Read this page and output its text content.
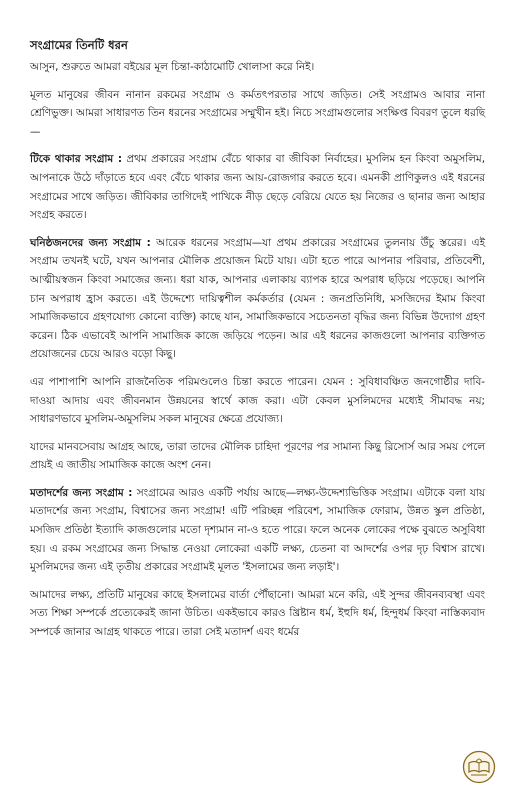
সংগ্রামের তিনটি ধরন

আসুন, শুরুতে আমরা বইয়ের মূল চিন্তা-কাঠামোটি খোলাসা করে নিই।

মূলত মানুষের জীবন নানান রকমের সংগ্রাম ও কর্মতৎপরতার সাথে জড়িত। সেই সংগ্রামও আবার নানা শ্রেণিভুক্ত। আমরা সাধারণত তিন ধরনের সংগ্রামের সম্মুখীন হই। নিচে সংগ্রামগুলোর সংক্ষিপ্ত বিবরণ তুলে ধরছি—

টিকে থাকার সংগ্রাম : প্রথম প্রকারের সংগ্রাম বেঁচে থাকার বা জীবিকা নির্বাহের। মুসলিম হন কিংবা অমুসলিম, আপনাকে উঠে দাঁড়াতে হবে এবং বেঁচে থাকার জন্য আয়-রোজগার করতে হবে। এমনকী প্রাণিকুলও এই ধরনের সংগ্রামের সাথে জড়িত। জীবিকার তাগিদেই পাখিকে নীড় ছেড়ে বেরিয়ে যেতে হয় নিজের ও ছানার জন্য আহার সংগ্রহ করতে।

ঘনিষ্ঠজনদের জন্য সংগ্রাম : আরেক ধরনের সংগ্রাম—যা প্রথম প্রকারের সংগ্রামের তুলনায় উঁচু স্তরের। এই সংগ্রাম তখনই ঘটে, যখন আপনার মৌলিক প্রয়োজন মিটে যায়। এটা হতে পারে আপনার পরিবার, প্রতিবেশী, আত্মীয়স্বজন কিংবা সমাজের জন্য। ধরা যাক, আপনার এলাকায় ব্যাপক হারে অপরাধ ছড়িয়ে পড়েছে। আপনি চান অপরাধ হ্রাস করতে। এই উদ্দেশ্যে দায়িত্বশীল কর্মকর্তার (যেমন : জনপ্রতিনিধি, মসজিদের ইমাম কিংবা সামাজিকভাবে গ্রহণযোগ্য কোনো ব্যক্তি) কাছে যান, সামাজিকভাবে সচেতনতা বৃদ্ধির জন্য বিভিন্ন উদ্যোগ গ্রহণ করেন। ঠিক এভাবেই আপনি সামাজিক কাজে জড়িয়ে পড়েন। আর এই ধরনের কাজগুলো আপনার ব্যক্তিগত প্রয়োজনের চেয়ে আরও বড়ো কিছু।

এর পাশাপাশি আপনি রাজনৈতিক পরিমণ্ডলেও চিন্তা করতে পারেন। যেমন : সুবিধাবঞ্চিত জনগোষ্ঠীর দাবি-দাওয়া আদায় এবং জীবনমান উন্নয়নের স্বার্থে কাজ করা। এটা কেবল মুসলিমদের মধ্যেই সীমাবদ্ধ নয়; সাধারণভাবে মুসলিম-অমুসলিম সকল মানুষের ক্ষেত্রে প্রযোজ্য।

যাদের মানবসেবায় আগ্রহ আছে, তারা তাদের মৌলিক চাহিদা পূরণের পর সামান্য কিছু রিসোর্স আর সময় পেলে প্রায়ই এ জাতীয় সামাজিক কাজে অংশ নেন।

মতাদর্শের জন্য সংগ্রাম : সংগ্রামের আরও একটি পর্যায় আছে—লক্ষ্য-উদ্দেশ্যভিত্তিক সংগ্রাম। এটাকে বলা যায় মতাদর্শের জন্য সংগ্রাম, বিশ্বাসের জন্য সংগ্রাম! এটি পরিচ্ছন্ন পরিবেশ, সামাজিক ফোরাম, উন্নত স্কুল প্রতিষ্ঠা, মসজিদ প্রতিষ্ঠা ইত্যাদি কাজগুলোর মতো দৃশ্যমান না-ও হতে পারে। ফলে অনেক লোকের পক্ষে বুঝতে অসুবিধা হয়। এ রকম সংগ্রামের জন্য সিদ্ধান্ত নেওয়া লোকেরা একটি লক্ষ্য, চেতনা বা আদর্শের ওপর দৃঢ় বিশ্বাস রাখে। মুসলিমদের জন্য এই তৃতীয় প্রকারের সংগ্রামই মূলত 'ইসলামের জন্য লড়াই'।

আমাদের লক্ষ্য, প্রতিটি মানুষের কাছে ইসলামের বার্তা পৌঁছানো। আমরা মনে করি, এই সুন্দর জীবনব্যবস্থা এবং সত্য শিক্ষা সম্পর্কে প্রত্যেকেরই জানা উচিত। একইভাবে কারও খ্রিষ্টান ধর্ম, ইহুদি ধর্ম, হিন্দুধর্ম কিংবা নাস্তিক্যবাদ সম্পর্কে জানার আগ্রহ থাকতে পারে। তারা সেই মতাদর্শ এবং ধর্মের
